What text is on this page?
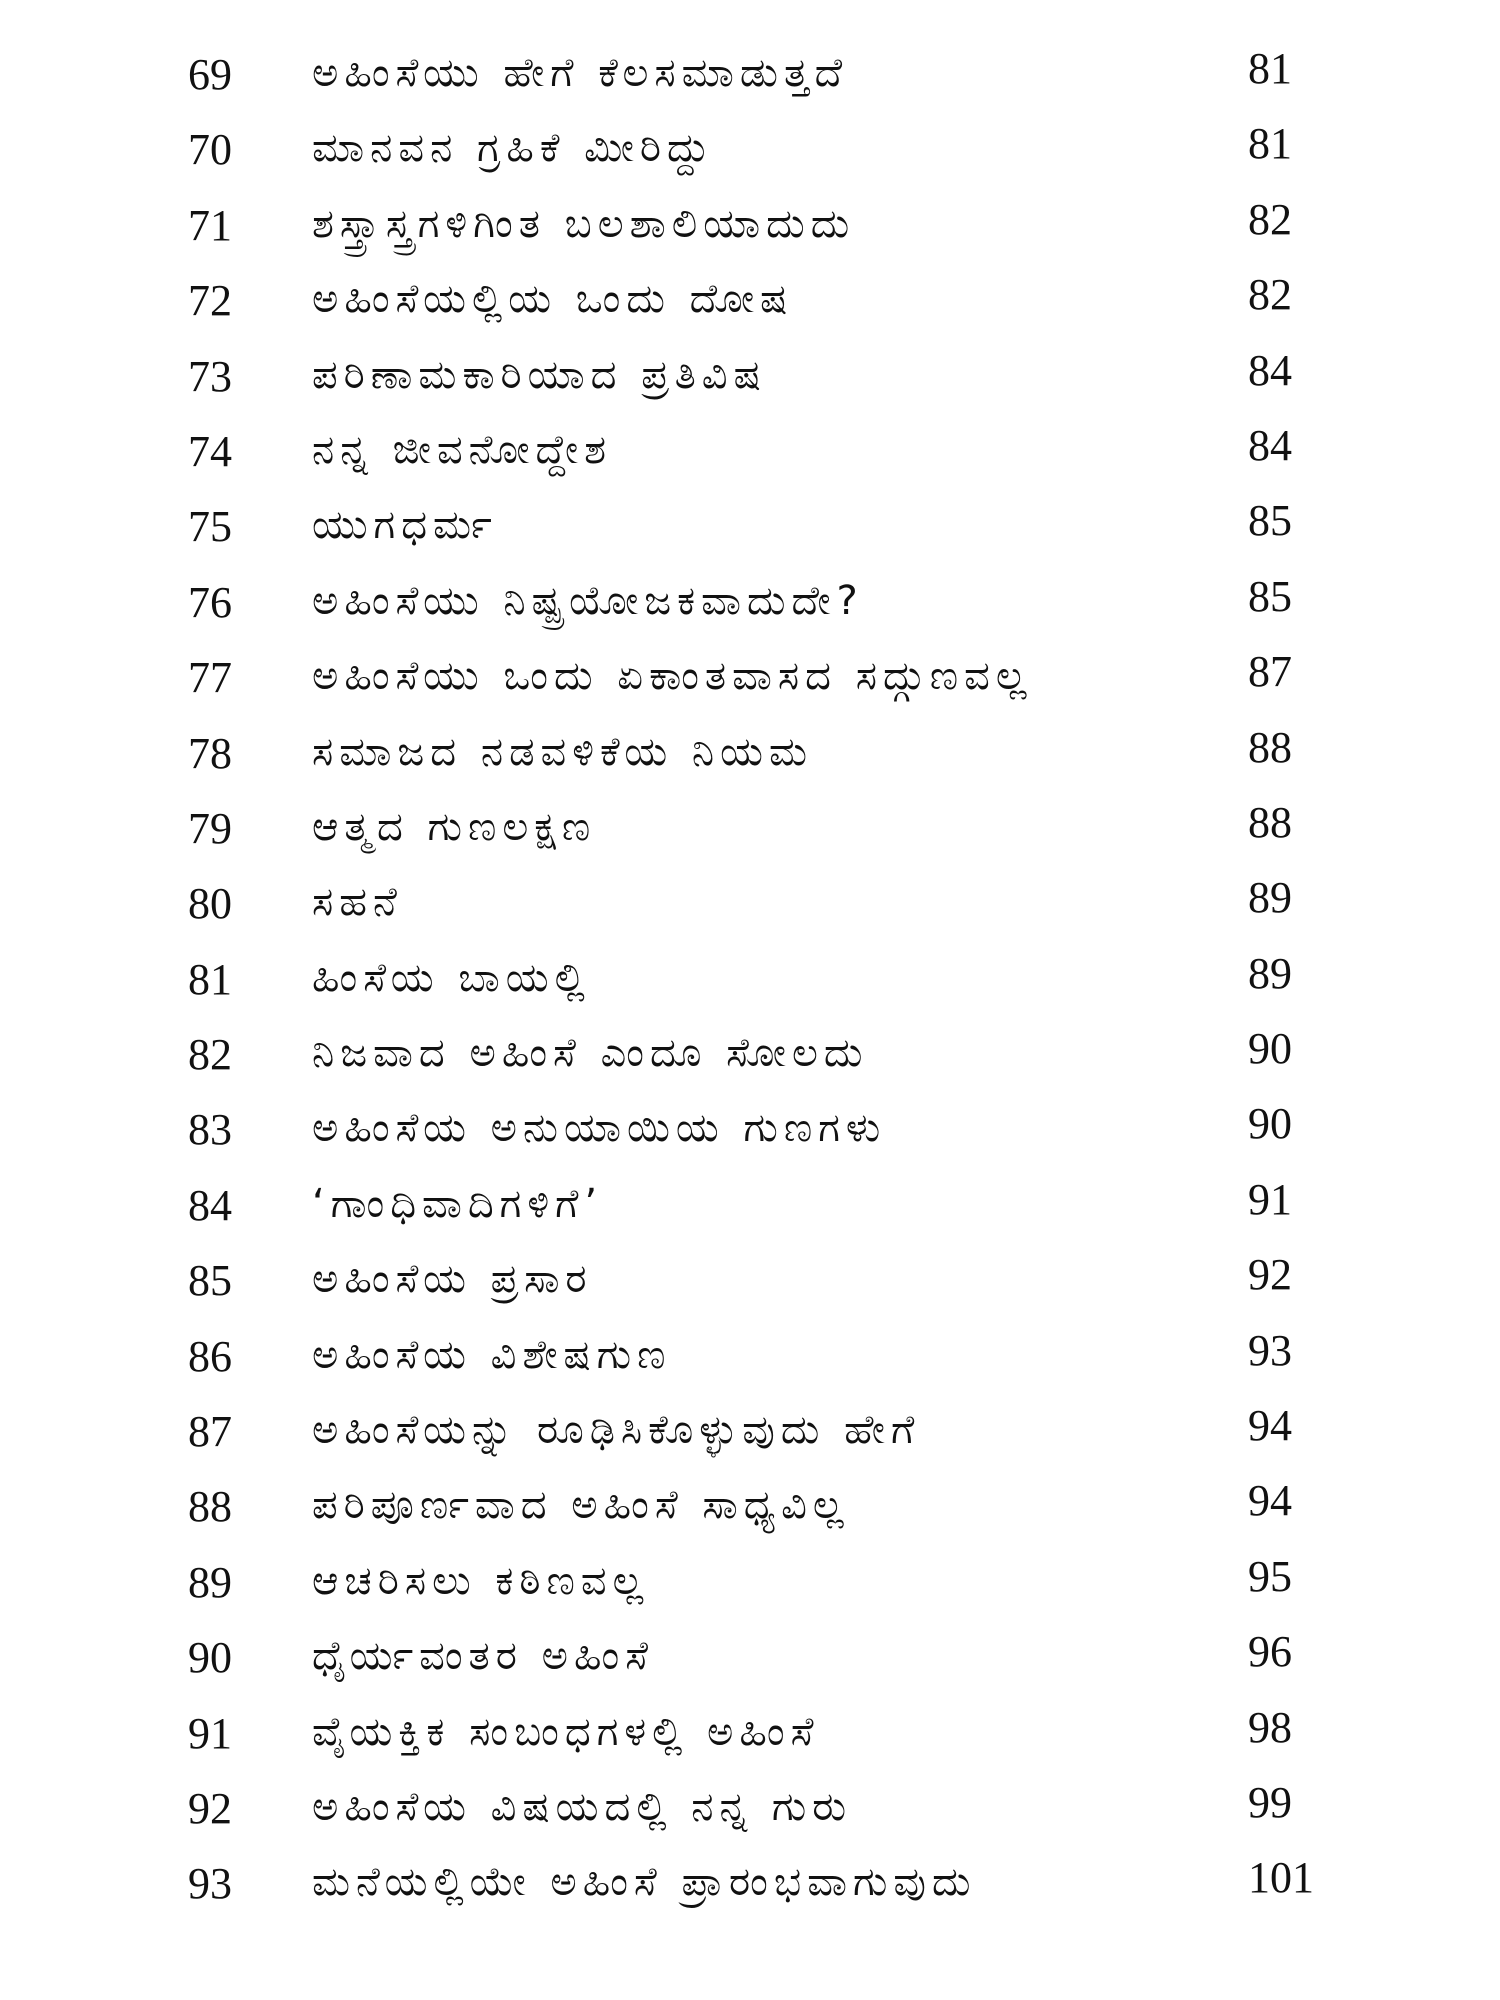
69	ಅಹಿಂಸೆಯು ಹೇಗೆ ಕೆಲಸಮಾಡುತ್ತದೆ	81
70	ಮಾನವನ ಗ್ರಹಿಕೆ ಮೀರಿದ್ದು	81
71	ಶಸ್ತ್ರಾಸ್ತ್ರಗಳಿಗಿಂತ ಬಲಶಾಲಿಯಾದುದು	82
72	ಅಹಿಂಸೆಯಲ್ಲಿಯ ಒಂದು ದೋಷ	82
73	ಪರಿಣಾಮಕಾರಿಯಾದ ಪ್ರತಿವಿಷ	84
74	ನನ್ನ ಜೀವನೋದ್ದೇಶ	84
75	ಯುಗಧರ್ಮ	85
76	ಅಹಿಂಸೆಯು ನಿಷ್ಪ್ರಯೋಜಕವಾದುದೇ?	85
77	ಅಹಿಂಸೆಯು ಒಂದು ಏಕಾಂತವಾಸದ ಸದ್ಗುಣವಲ್ಲ	87
78	ಸಮಾಜದ ನಡವಳಿಕೆಯ ನಿಯಮ	88
79	ಆತ್ಮದ ಗುಣಲಕ್ಷಣ	88
80	ಸಹನೆ	89
81	ಹಿಂಸೆಯ ಬಾಯಲ್ಲಿ	89
82	ನಿಜವಾದ ಅಹಿಂಸೆ ಎಂದೂ ಸೋಲದು	90
83	ಅಹಿಂಸೆಯ ಅನುಯಾಯಿಯ ಗುಣಗಳು	90
84	‘ಗಾಂಧಿವಾದಿಗಳಿಗೆ’	91
85	ಅಹಿಂಸೆಯ ಪ್ರಸಾರ	92
86	ಅಹಿಂಸೆಯ ವಿಶೇಷಗುಣ	93
87	ಅಹಿಂಸೆಯನ್ನು ರೂಢಿಸಿಕೊಳ್ಳುವುದು ಹೇಗೆ	94
88	ಪರಿಪೂರ್ಣವಾದ ಅಹಿಂಸೆ ಸಾಧ್ಯವಿಲ್ಲ	94
89	ಆಚರಿಸಲು ಕಠಿಣವಲ್ಲ	95
90	ಧೈರ್ಯವಂತರ ಅಹಿಂಸೆ	96
91	ವೈಯಕ್ತಿಕ ಸಂಬಂಧಗಳಲ್ಲಿ ಅಹಿಂಸೆ	98
92	ಅಹಿಂಸೆಯ ವಿಷಯದಲ್ಲಿ ನನ್ನ ಗುರು	99
93	ಮನೆಯಲ್ಲಿಯೇ ಅಹಿಂಸೆ ಪ್ರಾರಂಭವಾಗುವುದು	101
